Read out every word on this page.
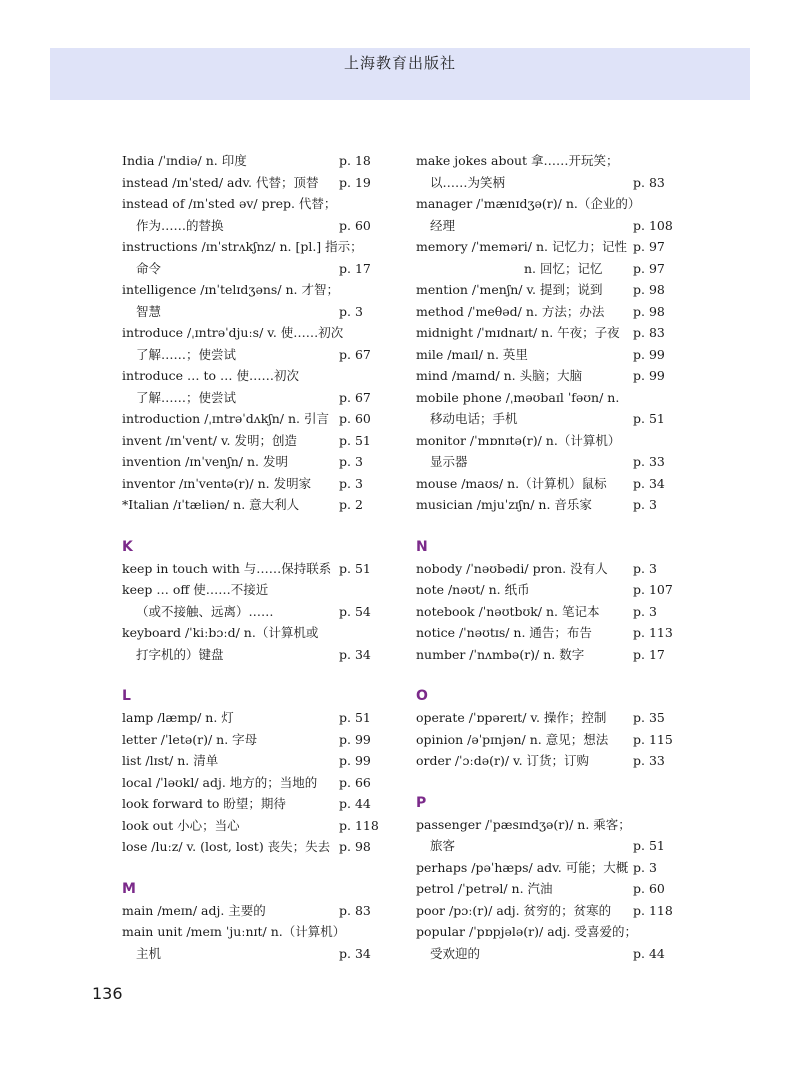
上海教育出版社
India /ˈɪndiə/ n. 印度	p. 18
instead /ɪnˈsted/ adv. 代替；顶替 p. 19
instead of /ɪnˈsted əv/ prep. 代替；
作为……的替换	p. 60
instructions /ɪnˈstrʌkʃnz/ n. [pl.] 指示；
命令	p. 17
intelligence /ɪnˈtelɪdʒəns/ n. 才智；
智慧	p. 3
introduce /ˌɪntrəˈdjuːs/ v. 使……初次
了解……；使尝试	p. 67
introduce … to … 使……初次
了解……；使尝试	p. 67
introduction /ˌɪntrəˈdʌkʃn/ n. 引言 p. 60
invent /ɪnˈvent/ v. 发明；创造	p. 51
invention /ɪnˈvenʃn/ n. 发明	p. 3
inventor /ɪnˈventə(r)/ n. 发明家 p. 3
*Italian /ɪˈtæliən/ n. 意大利人	p. 2
K
keep in touch with 与……保持联系 p. 51
keep … off 使……不接近
（或不接触、远离）……	p. 54
keyboard /ˈkiːbɔːd/ n.（计算机或
打字机的）键盘	p. 34
L
lamp /læmp/ n. 灯	p. 51
letter /ˈletə(r)/ n. 字母	p. 99
list /lɪst/ n. 清单	p. 99
local /ˈləʊkl/ adj. 地方的；当地的 p. 66
look forward to 盼望；期待	p. 44
look out 小心；当心	p. 118
lose /luːz/ v. (lost, lost) 丧失；失去 p. 98
M
main /meɪn/ adj. 主要的	p. 83
main unit /meɪn ˈjuːnɪt/ n.（计算机）
主机	p. 34
make jokes about 拿……开玩笑；
以……为笑柄	p. 83
manager /ˈmænɪdʒə(r)/ n.（企业的）
经理	p. 108
memory /ˈmeməri/ n. 记忆力；记性 p. 97
n. 回忆；记忆 p. 97
mention /ˈmenʃn/ v. 提到；说到 p. 98
method /ˈmeθəd/ n. 方法；办法 p. 98
midnight /ˈmɪdnaɪt/ n. 午夜；子夜 p. 83
mile /maɪl/ n. 英里	p. 99
mind /maɪnd/ n. 头脑；大脑	p. 99
mobile phone /ˌməʊbaɪl ˈfəʊn/ n.
移动电话；手机	p. 51
monitor /ˈmɒnɪtə(r)/ n.（计算机）
显示器	p. 33
mouse /maʊs/ n.（计算机）鼠标 p. 34
musician /mjuˈzɪʃn/ n. 音乐家	p. 3
N
nobody /ˈnəʊbədi/ pron. 没有人 p. 3
note /nəʊt/ n. 纸币	p. 107
notebook /ˈnəʊtbʊk/ n. 笔记本	p. 3
notice /ˈnəʊtɪs/ n. 通告；布告	p. 113
number /ˈnʌmbə(r)/ n. 数字	p. 17
O
operate /ˈɒpəreɪt/ v. 操作；控制 p. 35
opinion /əˈpɪnjən/ n. 意见；想法 p. 115
order /ˈɔːdə(r)/ v. 订货；订购	p. 33
P
passenger /ˈpæsɪndʒə(r)/ n. 乘客；
旅客	p. 51
perhaps /pəˈhæps/ adv. 可能；大概 p. 3
petrol /ˈpetrəl/ n. 汽油	p. 60
poor /pɔː(r)/ adj. 贫穷的；贫寒的 p. 118
popular /ˈpɒpjələ(r)/ adj. 受喜爱的；
受欢迎的	p. 44
136
